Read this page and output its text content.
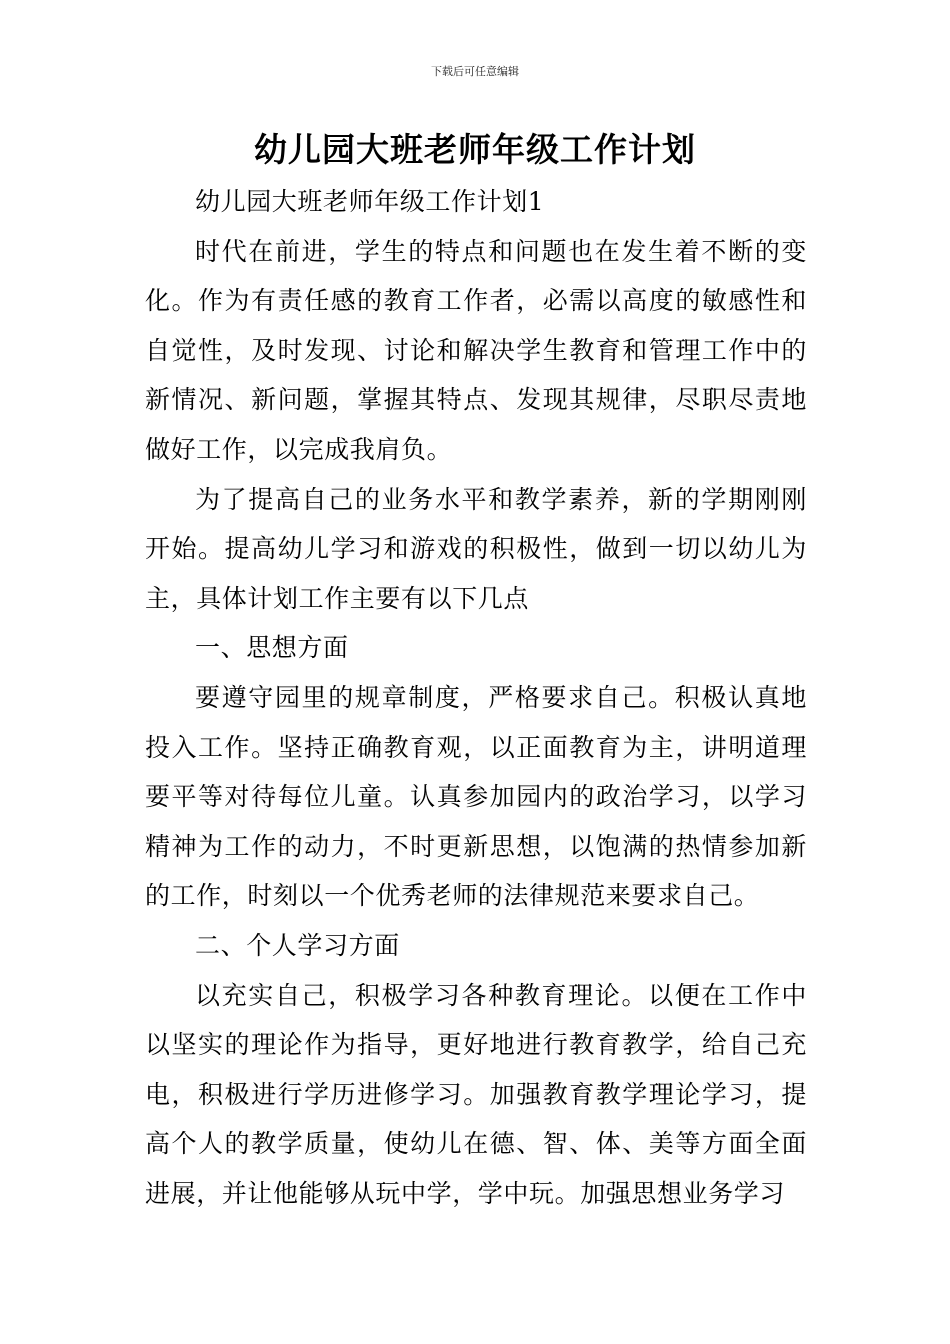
下载后可任意编辑
幼儿园大班老师年级工作计划

幼儿园大班老师年级工作计划1

时代在前进，学生的特点和问题也在发生着不断的变化。作为有责任感的教育工作者，必需以高度的敏感性和自觉性，及时发现、讨论和解决学生教育和管理工作中的新情况、新问题，掌握其特点、发现其规律，尽职尽责地做好工作，以完成我肩负。

为了提高自己的业务水平和教学素养，新的学期刚刚开始。提高幼儿学习和游戏的积极性，做到一切以幼儿为主，具体计划工作主要有以下几点

一、思想方面

要遵守园里的规章制度，严格要求自己。积极认真地投入工作。坚持正确教育观，以正面教育为主，讲明道理要平等对待每位儿童。认真参加园内的政治学习，以学习精神为工作的动力，不时更新思想，以饱满的热情参加新的工作，时刻以一个优秀老师的法律规范来要求自己。

二、个人学习方面

以充实自己，积极学习各种教育理论。以便在工作中以坚实的理论作为指导，更好地进行教育教学，给自己充电，积极进行学历进修学习。加强教育教学理论学习，提高个人的教学质量，使幼儿在德、智、体、美等方面全面进展，并让他能够从玩中学，学中玩。加强思想业务学习
